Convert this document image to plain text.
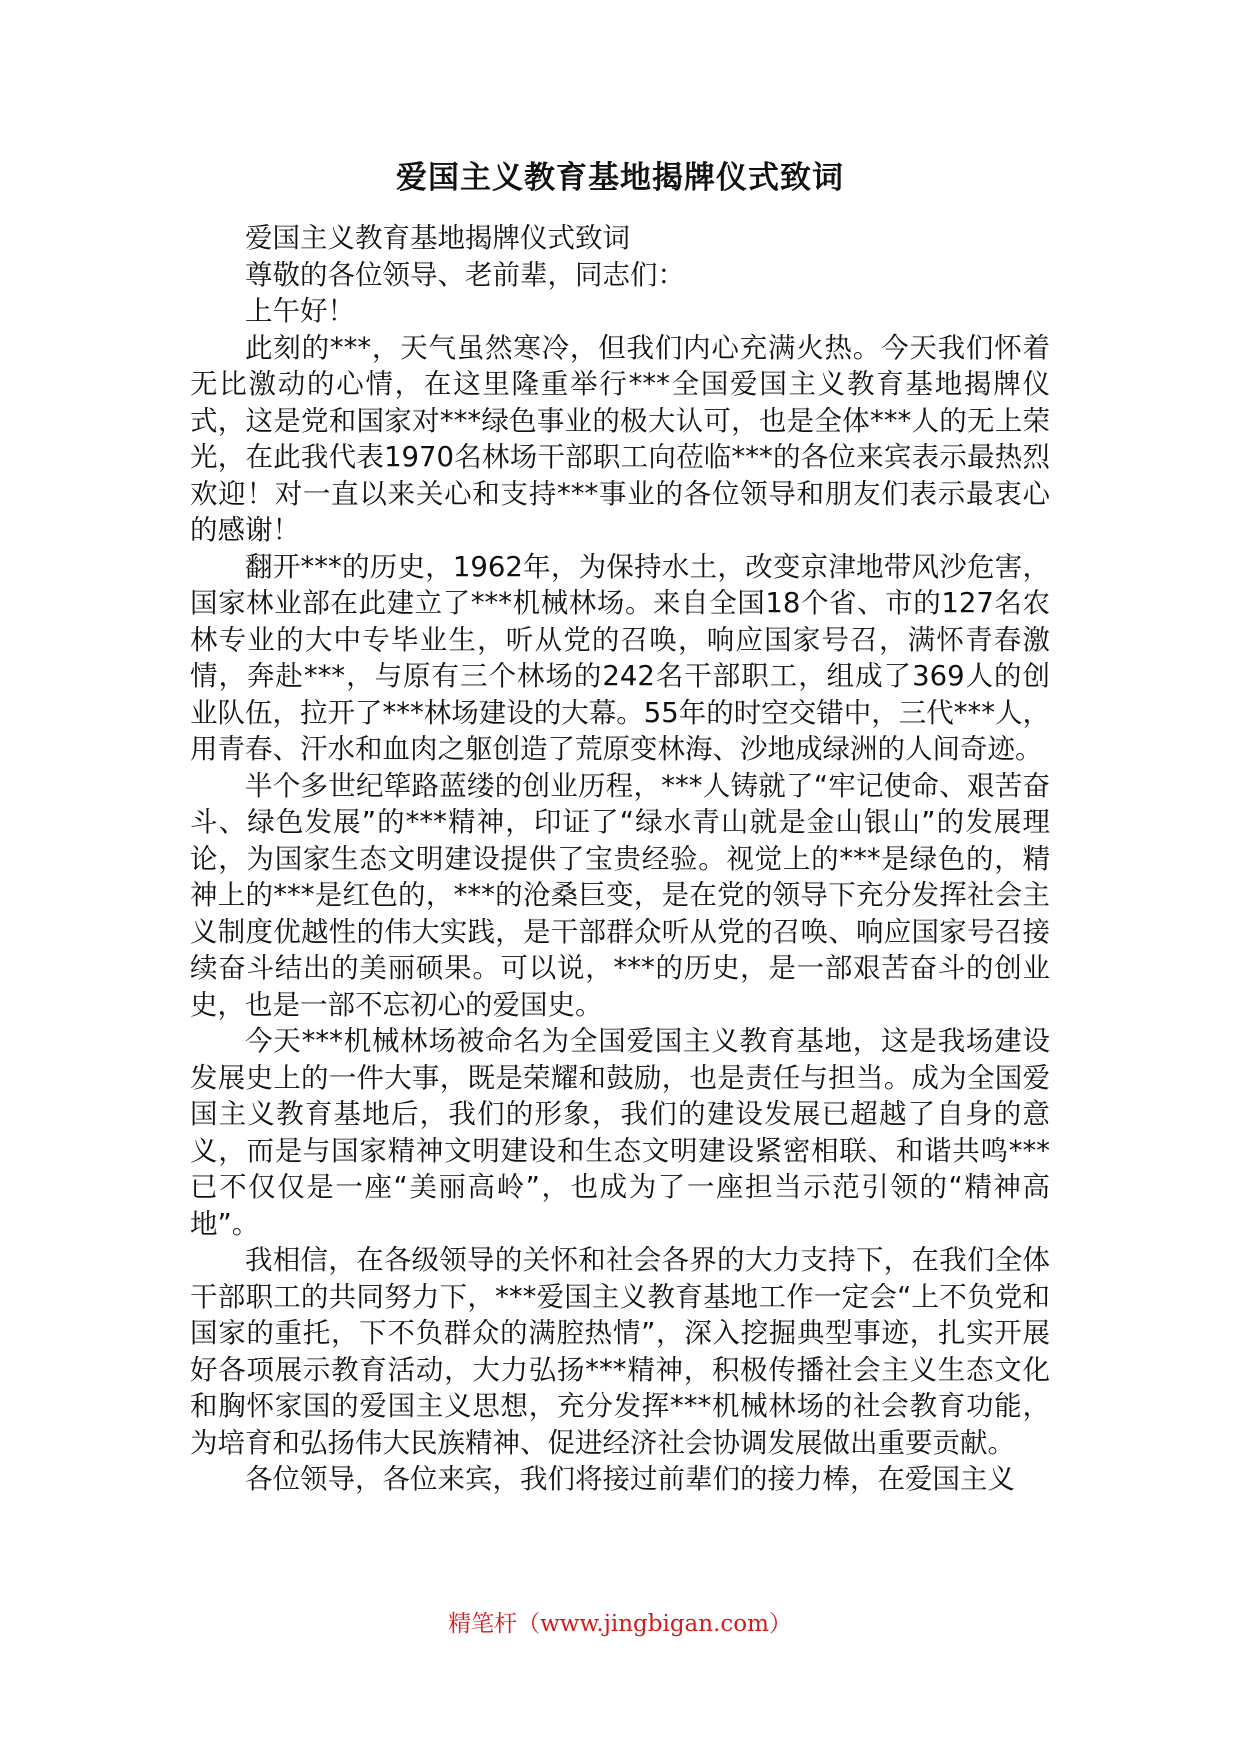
爱国主义教育基地揭牌仪式致词

爱国主义教育基地揭牌仪式致词

尊敬的各位领导、老前辈，同志们：

上午好！

此刻的***，天气虽然寒冷，但我们内心充满火热。今天我们怀着无比激动的心情，在这里隆重举行***全国爱国主义教育基地揭牌仪式，这是党和国家对***绿色事业的极大认可，也是全体***人的无上荣光，在此我代表1970名林场干部职工向莅临***的各位来宾表示最热烈欢迎！对一直以来关心和支持***事业的各位领导和朋友们表示最衷心的感谢！

翻开***的历史，1962年，为保持水土，改变京津地带风沙危害，国家林业部在此建立了***机械林场。来自全国18个省、市的127名农林专业的大中专毕业生，听从党的召唤，响应国家号召，满怀青春激情，奔赴***，与原有三个林场的242名干部职工，组成了369人的创业队伍，拉开了***林场建设的大幕。55年的时空交错中，三代***人，用青春、汗水和血肉之躯创造了荒原变林海、沙地成绿洲的人间奇迹。

半个多世纪筚路蓝缕的创业历程，***人铸就了“牢记使命、艰苦奋斗、绿色发展”的***精神，印证了“绿水青山就是金山银山”的发展理论，为国家生态文明建设提供了宝贵经验。视觉上的***是绿色的，精神上的***是红色的，***的沧桑巨变，是在党的领导下充分发挥社会主义制度优越性的伟大实践，是干部群众听从党的召唤、响应国家号召接续奋斗结出的美丽硕果。可以说，***的历史，是一部艰苦奋斗的创业史，也是一部不忘初心的爱国史。

今天***机械林场被命名为全国爱国主义教育基地，这是我场建设发展史上的一件大事，既是荣耀和鼓励，也是责任与担当。成为全国爱国主义教育基地后，我们的形象，我们的建设发展已超越了自身的意义，而是与国家精神文明建设和生态文明建设紧密相联、和谐共鸣***已不仅仅是一座“美丽高岭”，也成为了一座担当示范引领的“精神高地”。

我相信，在各级领导的关怀和社会各界的大力支持下，在我们全体干部职工的共同努力下，***爱国主义教育基地工作一定会“上不负党和国家的重托，下不负群众的满腔热情”，深入挖掘典型事迹，扎实开展好各项展示教育活动，大力弘扬***精神，积极传播社会主义生态文化和胸怀家国的爱国主义思想，充分发挥***机械林场的社会教育功能，为培育和弘扬伟大民族精神、促进经济社会协调发展做出重要贡献。

各位领导，各位来宾，我们将接过前辈们的接力棒，在爱国主义

精笔杆（www.jingbigan.com）
